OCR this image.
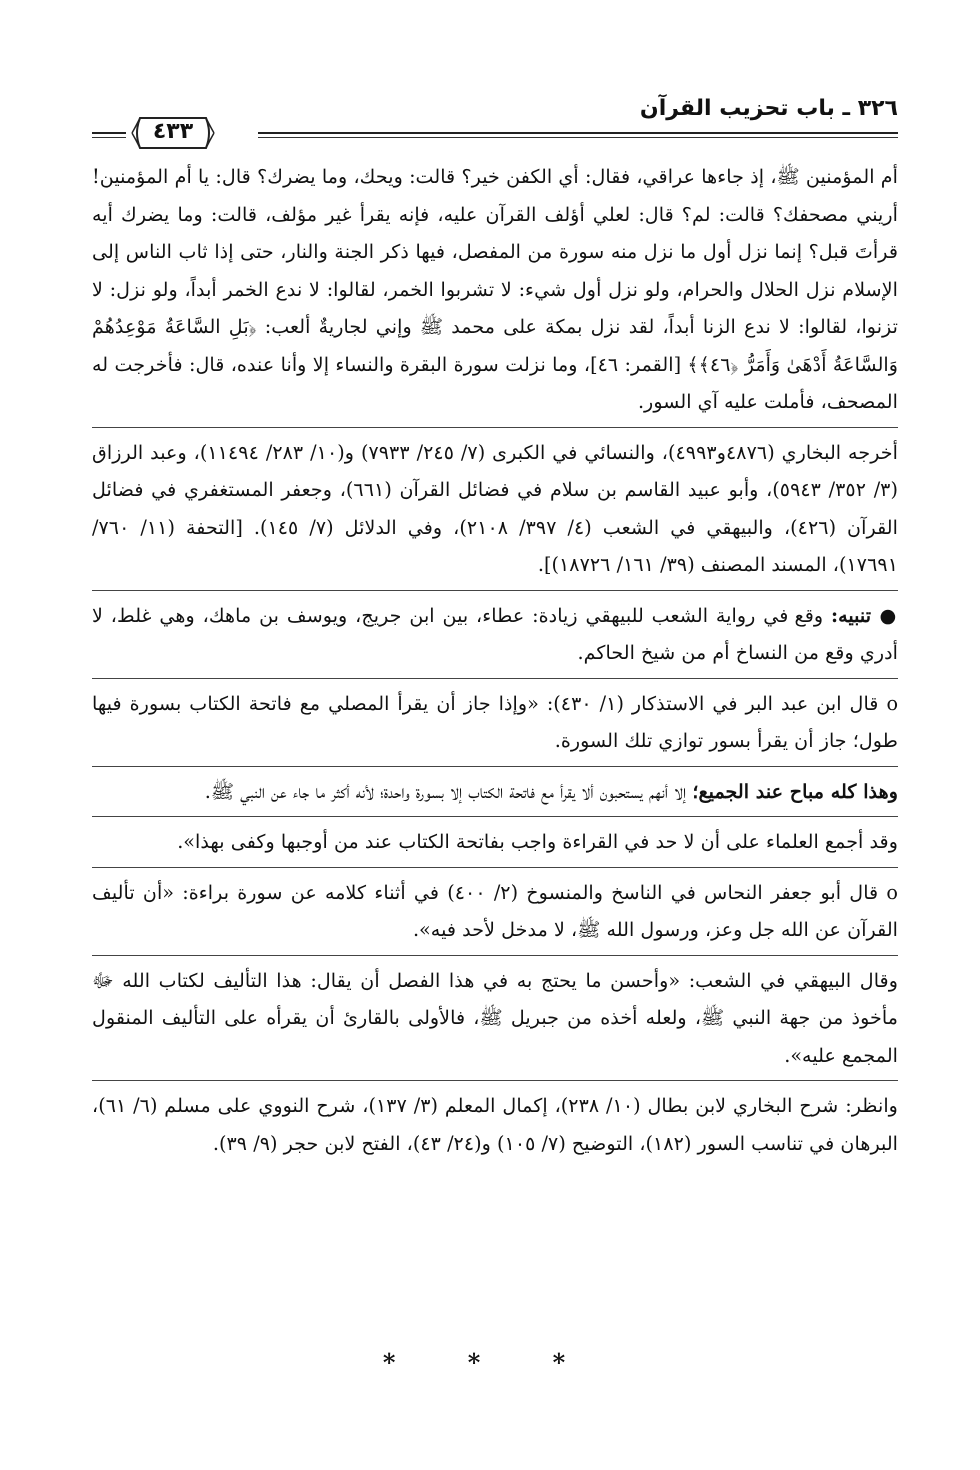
٣٢٦ ـ باب تحزيب القرآن
٤٣٣

أم المؤمنين ﷺ، إذ جاءها عراقي، فقال: أي الكفن خير؟ قالت: ويحك، وما يضرك؟ قال: يا أم المؤمنين! أريني مصحفك؟ قالت: لم؟ قال: لعلي أؤلف القرآن عليه، فإنه يقرأ غير مؤلف، قالت: وما يضرك أيه قرأتَ قبل؟ إنما نزل أول ما نزل منه سورة من المفصل، فيها ذكر الجنة والنار، حتى إذا ثاب الناس إلى الإسلام نزل الحلال والحرام، ولو نزل أول شيء: لا تشربوا الخمر، لقالوا: لا ندع الخمر أبداً، ولو نزل: لا تزنوا، لقالوا: لا ندع الزنا أبداً، لقد نزل بمكة على محمد ﷺ وإني لجاريةٌ ألعب: ﴿بَلِ السَّاعَةُ مَوْعِدُهُمْ وَالسَّاعَةُ أَدْهَىٰ وَأَمَرُّ ﴿٤٦﴾﴾ [القمر: ٤٦]، وما نزلت سورة البقرة والنساء إلا وأنا عنده، قال: فأخرجت له المصحف، فأملت عليه آي السور.

أخرجه البخاري (٤٨٧٦و٤٩٩٣)، والنسائي في الكبرى (٧/ ٢٤٥/ ٧٩٣٣) و(١٠/ ٢٨٣/ ١١٤٩٤)، وعبد الرزاق (٣/ ٣٥٢/ ٥٩٤٣)، وأبو عبيد القاسم بن سلام في فضائل القرآن (٦٦١)، وجعفر المستغفري في فضائل القرآن (٤٢٦)، والبيهقي في الشعب (٤/ ٣٩٧/ ٢١٠٨)، وفي الدلائل (٧/ ١٤٥). [التحفة (١١/ ٧٦٠/ ١٧٦٩١)، المسند المصنف (٣٩/ ١٦١/ ١٨٧٢٦)].

● تنبيه: وقع في رواية الشعب للبيهقي زيادة: عطاء، بين ابن جريج، ويوسف بن ماهك، وهي غلط، لا أدري وقع من النساخ أم من شيخ الحاكم.

o قال ابن عبد البر في الاستذكار (١/ ٤٣٠): «وإذا جاز أن يقرأ المصلي مع فاتحة الكتاب بسورة فيها طول؛ جاز أن يقرأ بسور توازي تلك السورة.

وهذا كله مباح عند الجميع؛ إلا أنهم يستحبون ألا يقرأ مع فاتحة الكتاب إلا بسورة واحدة؛ لأنه أكثر ما جاء عن النبي ﷺ.

وقد أجمع العلماء على أن لا حد في القراءة واجب بفاتحة الكتاب عند من أوجبها وكفى بهذا».

o قال أبو جعفر النحاس في الناسخ والمنسوخ (٢/ ٤٠٠) في أثناء كلامه عن سورة براءة: «أن تأليف القرآن عن الله جل وعز، ورسول الله ﷺ، لا مدخل لأحد فيه».

وقال البيهقي في الشعب: «وأحسن ما يحتج به في هذا الفصل أن يقال: هذا التأليف لكتاب الله ﷻ مأخوذ من جهة النبي ﷺ، ولعله أخذه من جبريل ﷺ، فالأولى بالقارئ أن يقرأه على التأليف المنقول المجمع عليه».

وانظر: شرح البخاري لابن بطال (١٠/ ٢٣٨)، إكمال المعلم (٣/ ١٣٧)، شرح النووي على مسلم (٦/ ٦١)، البرهان في تناسب السور (١٨٢)، التوضيح (٧/ ١٠٥) و(٢٤/ ٤٣)، الفتح لابن حجر (٩/ ٣٩).

* * *
